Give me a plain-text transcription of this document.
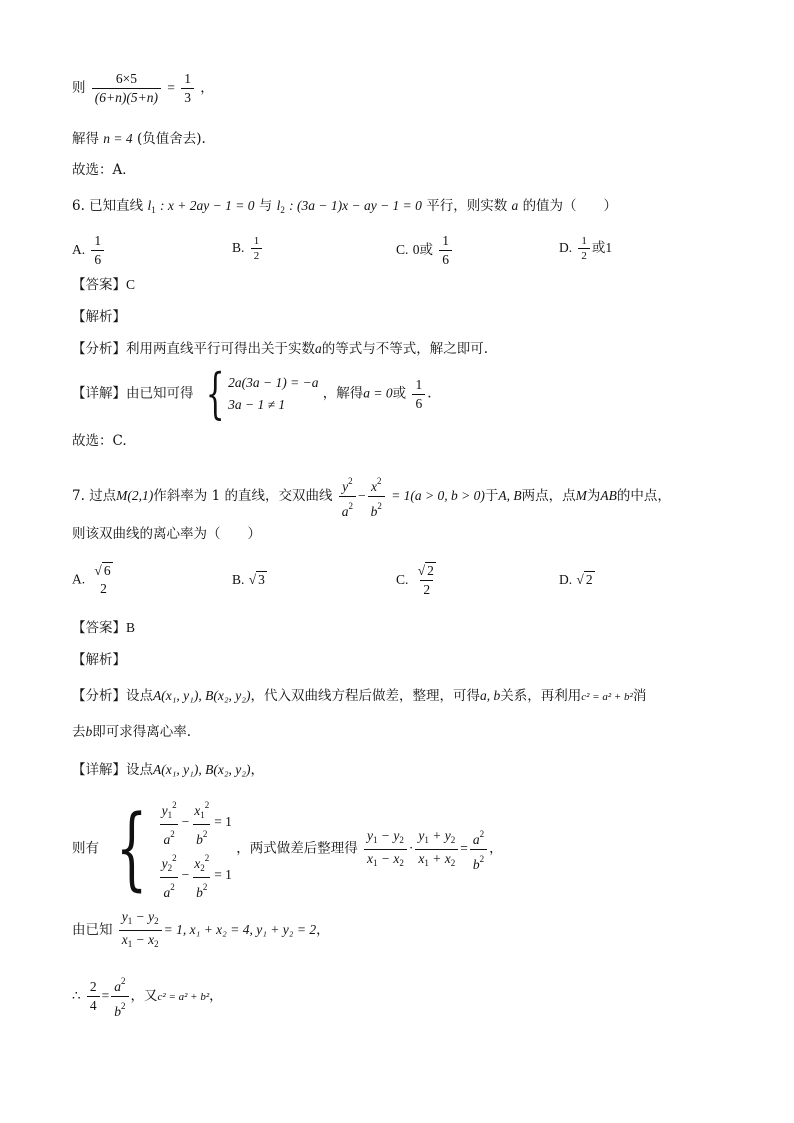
则 $\frac{6\times 5}{(6+n)(5+n)} = \frac{1}{3}$ ，
解得 n = 4 (负值舍去).
故选：A．
6. 已知直线 $l_1$ : x + 2ay − 1 = 0 与 $l_2$ : (3a − 1)x − ay − 1 = 0 平行，则实数 a 的值为（　　）
A. $\frac{1}{6}$	B. $\frac{1}{2}$	C. 0或 $\frac{1}{6}$	D. $\frac{1}{2}$ 或1
【答案】C
【解析】
【分析】利用两直线平行可得出关于实数a的等式与不等式，解之即可.
【详解】由已知可得 { 2a(3a − 1) = −a
3a − 1 ≠ 1
，解得a = 0或 $\frac{1}{6}$ .
故选：C.
7. 过点M(2,1)作斜率为 1 的直线，交双曲线 $\frac{y^2}{a^2} - \frac{x^2}{b^2} = 1(a > 0$, b > 0)于A, B两点，点M为AB的中点，
则该双曲线的离心率为（　　）
A.
√ 6
2
B. √ 3	C. $\frac{√ 2}{2}$	D. √ 2
【答案】B
【解析】
【分析】设点A(x₁, y₁), B(x₂, y₂)，代入双曲线方程后做差，整理，可得a, b关系，再利用c² = a² + b²消
去b即可求得离心率.
【详解】设点A(x₁, y₁), B(x₂, y₂)，
则有 { $\frac{y_1^2}{a^2} - \frac{x_1^2}{b^2} = 1$
$\frac{y_2^2}{a^2} - \frac{x_2^2}{b^2} = 1$
，两式做差后整理得 $\frac{y_1 - y_2}{x_1 - x_2} \cdot \frac{y_1 + y_2}{x_1 + x_2} = \frac{a^2}{b^2}$ ，
由已知 $\frac{y_1 - y_2}{x_1 - x_2} = 1$, x₁ + x₂ = 4, y₁ + y₂ = 2，
∴ $\frac{2}{4} = \frac{a^2}{b^2}$ ，又c² = a² + b²，
